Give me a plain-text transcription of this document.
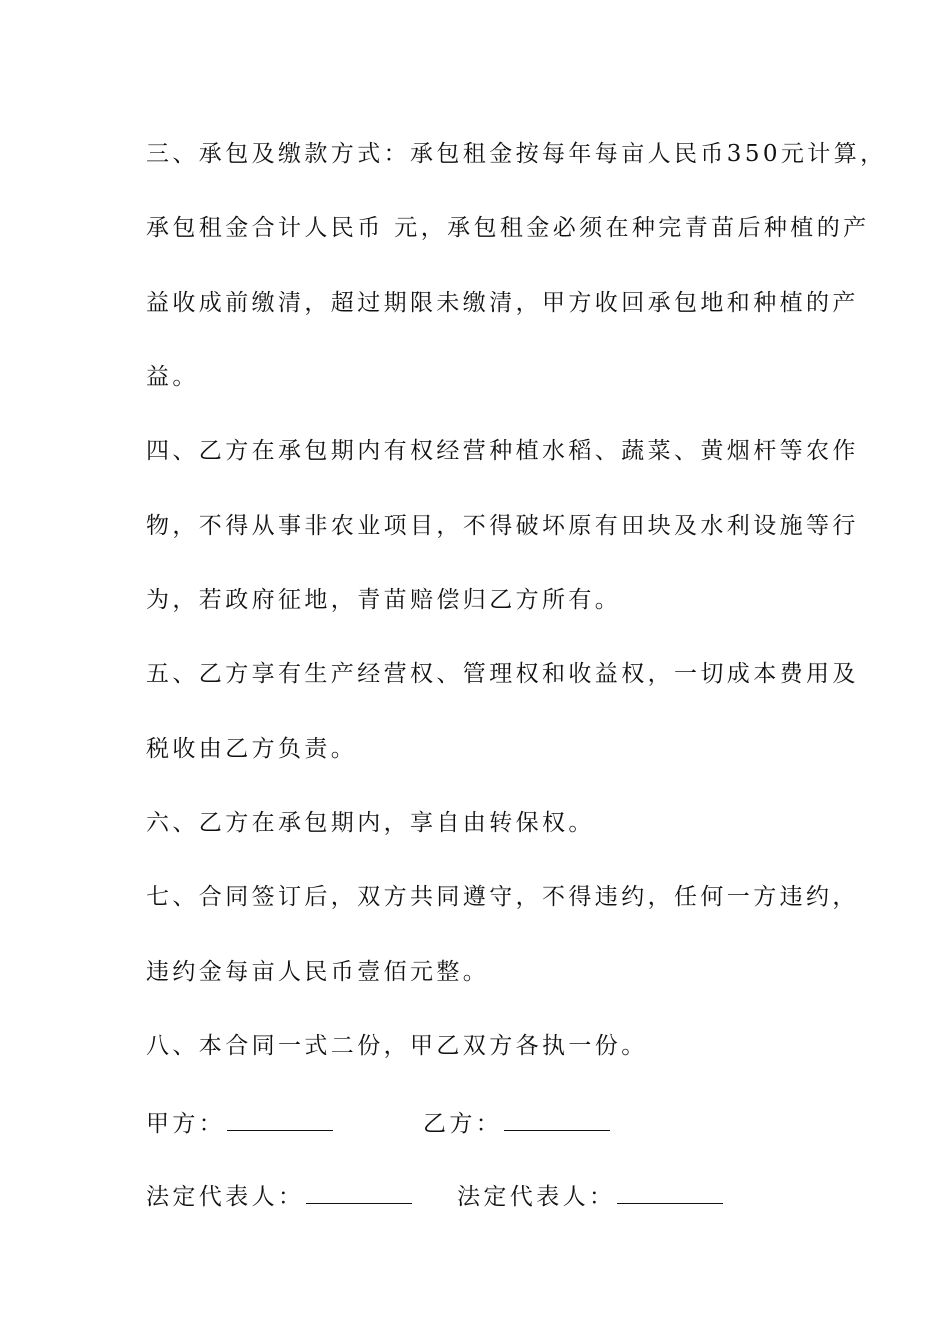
三、承包及缴款方式：承包租金按每年每亩人民币350元计算，
承包租金合计人民币 元，承包租金必须在种完青苗后种植的产
益收成前缴清，超过期限未缴清，甲方收回承包地和种植的产
益。
四、乙方在承包期内有权经营种植水稻、蔬菜、黄烟杆等农作
物，不得从事非农业项目，不得破坏原有田块及水利设施等行
为，若政府征地，青苗赔偿归乙方所有。
五、乙方享有生产经营权、管理权和收益权，一切成本费用及
税收由乙方负责。
六、乙方在承包期内，享自由转保权。
七、合同签订后，双方共同遵守，不得违约，任何一方违约，
违约金每亩人民币壹佰元整。
八、本合同一式二份，甲乙双方各执一份。
甲方：	乙方：
法定代表人：	法定代表人：
